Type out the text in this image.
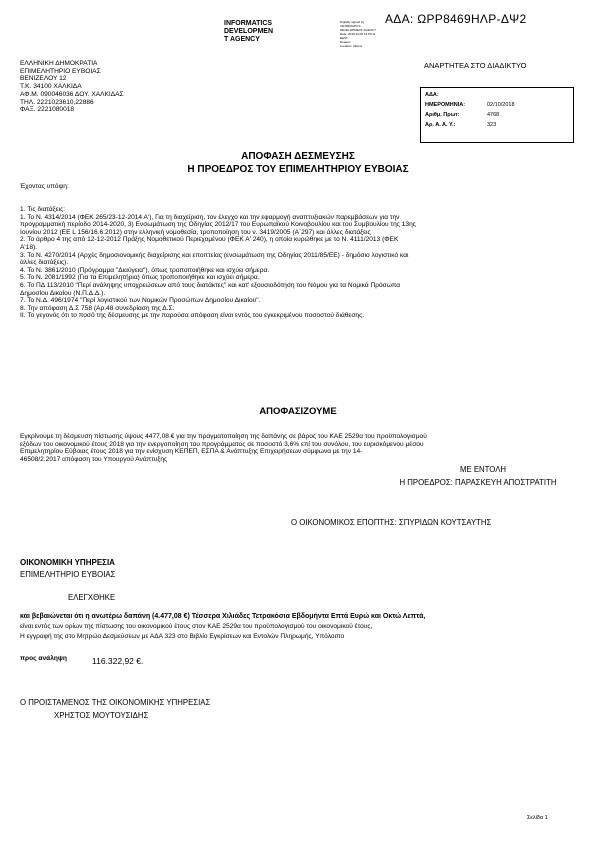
ΑΔΑ: ΩΡΡ8469ΗΛΡ-ΔΨ2
INFORMATICS
DEVELOPMEN
T AGENCY
Digitally signed by
INFORMATICS
DEVELOPMENT AGENCY
Date: 2018.10.05 13:59:11
EEST
Reason:
Location: Athens
ΕΛΛΗΝΙΚΗ ΔΗΜΟΚΡΑΤΙΑ
ΕΠΙΜΕΛΗΤΗΡΙΟ ΕΥΒΟΙΑΣ
ΒΕΝΙΖΕΛΟΥ 12
Τ.Κ. 34100 ΧΑΛΚΙΔΑ
ΑΦ.Μ. 090046036 ΔΟΥ. ΧΑΛΚΙΔΑΣ
ΤΗΛ. 2221023610,22886
ΦΑΞ. 2221080018
ΑΝΑΡΤΗΤΕΑ ΣΤΟ ΔΙΑΔΙΚΤΥΟ
ΑΔΑ:
ΗΜΕΡΟΜΗΝΙΑ:	02/10/2018
Αριθμ. Πρωτ:	4768
Αρ. Α. Α. Υ.:	323
ΑΠΟΦΑΣΗ ΔΕΣΜΕΥΣΗΣ
Η ΠΡΟΕΔΡΟΣ ΤΟΥ ΕΠΙΜΕΛΗΤΗΡΙΟΥ ΕΥΒΟΙΑΣ
Έχοντας υπόψη:
1. Τις διατάξεις:
1. Το Ν. 4314/2014 (ΦΕΚ 265/23-12-2014 Α'), Για τη διαχείριση, τον έλεγχο και την εφαρμογή αναπτυξιακών παρεμβάσεων για την
προγραμματική περίοδο 2014-2020, 3) Ενσωμάτωση της Οδηγίας 2012/17 του Ευρωπαϊκού Κοινοβουλίου και του Συμβουλίου της 13ης
Ιουνίου 2012 (ΕΕ L 156/16.6.2012) στην ελληνική νομοθεσία, τροποποίηση του ν. 3419/2005 (Α΄297) και άλλες διατάξεις
2. Το άρθρο 4 της από 12-12-2012 Πράξης Νομοθετικού Περιεχομένου (ΦΕΚ Α' 240), η οποία κυρώθηκε με το Ν. 4111/2013 (ΦΕΚ
Α'18).
3. Το Ν. 4270/2014 (Αρχές δημοσιονομικής διαχείρισης και εποπτείας (ενσωμάτωση της Οδηγίας 2011/85/ΕΕ) - δημόσιο λογιστικό και
άλλες διατάξεις).
4. Το Ν. 3861/2010 (Πρόγραμμα "Διαύγεια"), όπως τροποποιήθηκε και ισχύει σήμερα.
5. Το Ν. 2081/1992 (Για τα Επιμελητήρια) όπως τροποποιήθηκε και ισχύει σήμερα.
6. Το ΠΔ 113/2010 "Περί ανάληψης υποχρεώσεων από τους διατάκτες" και κατ' εξουσιοδότηση του Νόμου για τα Νομικά Πρόσωπα
Δημοσίου Δικαίου (Ν.Π.Δ.Δ.).
7. Το Ν.Δ. 496/1974 "Περί λογιστικού των Νομικών Προσώπων Δημοσίου Δικαίου".
8. Την απόφαση Δ.Σ 758 (Αρ.48 συνεδρίαση της Δ.Σ.
II. Το γεγονός ότι το ποσό της δέσμευσης με την παρούσα απόφαση είναι εντός του εγκεκριμένου ποσοστού διάθεσης.
ΑΠΟΦΑΣΙΖΟΥΜΕ
Εγκρίνουμε τη δέσμευση πίστωσης ύψους 4477,08 € για την πραγματοποίηση της δαπάνης σε βάρος του ΚΑΕ 2529α του προϋπολογισμού
εξόδων του οικονομικού έτους 2018 για την ενεργοποίηση του προγράμματος σε ποσοστό 3,6% επί του συνόλου, του ευρισκόμενου μέσου
Επιμελητηρίου Εύβοιας έτους 2018 για την ενίσχυση ΚΕΠΕΠ, ΕΣΠΑ & Ανάπτυξης Επιχειρήσεων σύμφωνα με την 14-
46508/2.2017 απόφαση του Υπουργού Ανάπτυξης
ΜΕ ΕΝΤΟΛΗ
Η ΠΡΟΕΔΡΟΣ: ΠΑΡΑΣΚΕΥΗ ΑΠΟΣΤΡΑΤΙΤΗ
Ο ΟΙΚΟΝΟΜΙΚΟΣ ΕΠΟΠΤΗΣ: ΣΠΥΡΙΔΩΝ ΚΟΥΤΣΑΥΤΗΣ
ΟΙΚΟΝΟΜΙΚΗ ΥΠΗΡΕΣΙΑ
ΕΠΙΜΕΛΗΤΗΡΙΟ ΕΥΒΟΙΑΣ
ΕΛΕΓΧΘΗΚΕ
και βεβαιώνεται ότι η ανωτέρω δαπάνη (4.477,08 €) Τέσσερα Χιλιάδες Τετρακόσια Εβδομήντα Επτά Ευρώ και Οκτώ Λεπτά,
είναι εντός των ορίων της πίστωσης του οικονομικού έτους στον ΚΑΕ 2529α του προϋπολογισμού του οικονομικού έτους,
Η εγγραφή της στο Μητρώο Δεσμεύσεων με ΑΔΑ 323 στο Βιβλίο Εγκρίσεων και Εντολών Πληρωμής, Υπόλοιπο
προς ανάληψη	116.322,92 €.
Ο ΠΡΟΙΣΤΑΜΕΝΟΣ ΤΗΣ ΟΙΚΟΝΟΜΙΚΗΣ ΥΠΗΡΕΣΙΑΣ
ΧΡΗΣΤΟΣ ΜΟΥΤΟΥΣΙΔΗΣ
Σελίδα 1
